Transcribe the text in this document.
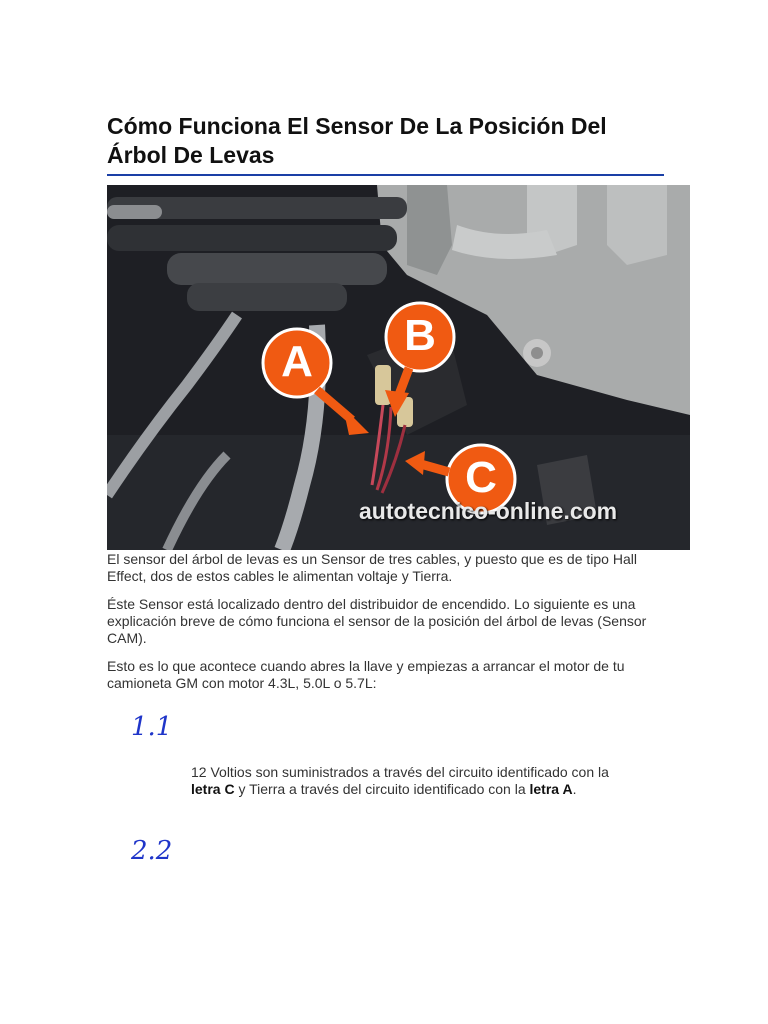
Cómo Funciona El Sensor De La Posición Del Árbol De Levas
A
B
C
autotecnico-online.com

El sensor del árbol de levas es un Sensor de tres cables, y puesto que es de tipo Hall Effect, dos de estos cables le alimentan voltaje y Tierra.

Éste Sensor está localizado dentro del distribuidor de encendido. Lo siguiente es una explicación breve de cómo funciona el sensor de la posición del árbol de levas (Sensor CAM).

Esto es lo que acontece cuando abres la llave y empiezas a arrancar el motor de tu camioneta GM con motor 4.3L, 5.0L o 5.7L:

1.1

12 Voltios son suministrados a través del circuito identificado con la letra C y Tierra a través del circuito identificado con la letra A.

2.2
